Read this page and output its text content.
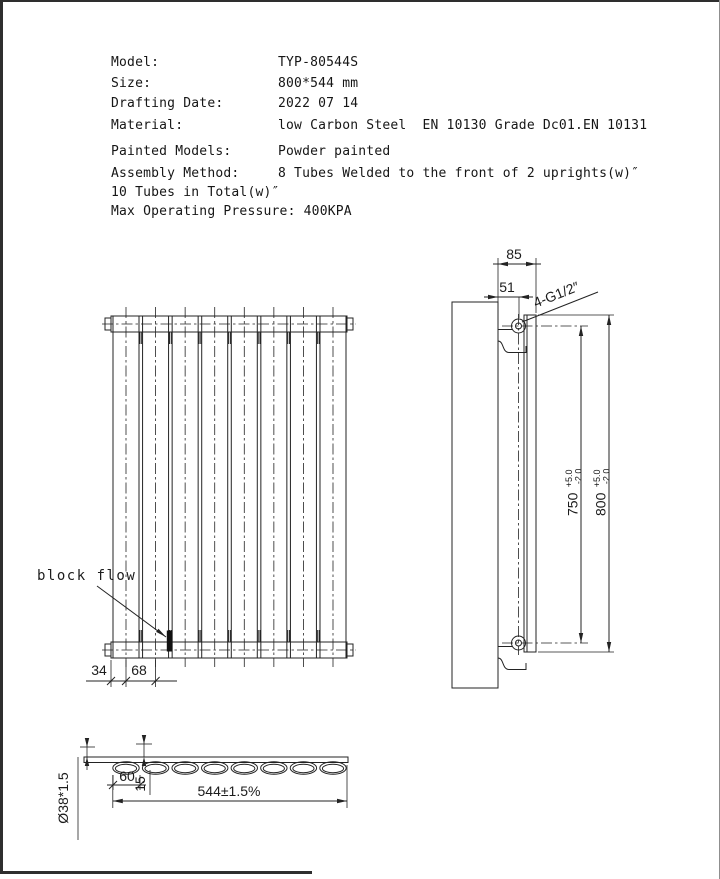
Model:	TYP-80544S
Size:	800*544 mm
Drafting Date:	2022 07 14
Material:	low Carbon Steel  EN 10130 Grade Dc01.EN 10131
Painted Models:	Powder painted
Assembly Method:	8 Tubes Welded to the front of 2 uprights(w)″
10 Tubes in Total(w)″
Max Operating Pressure: 400KPA
block flow
34 68
85
51 4-G1/2″
750 $^{+5.0}$ -2.0
800 $^{+5.0}$ -2.0
Ø38*1.5	15
60
544±1.5%
